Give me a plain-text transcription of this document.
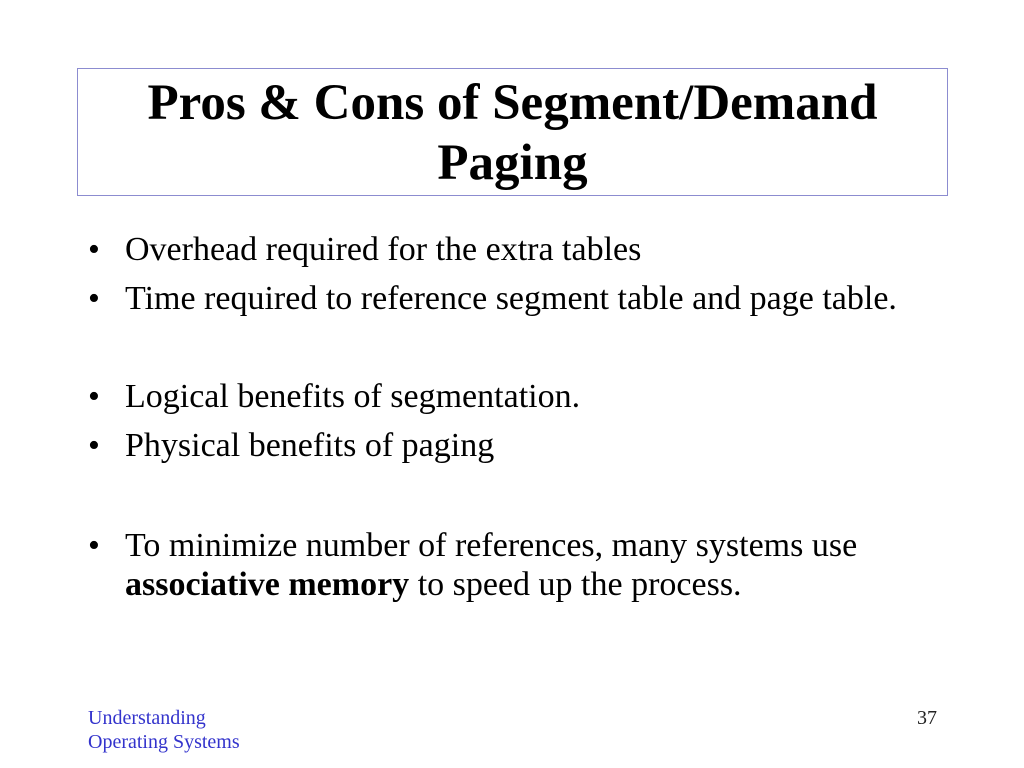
Pros & Cons of Segment/Demand Paging
• Overhead required for the extra tables
• Time required to reference segment table and page table.
• Logical benefits of segmentation.
• Physical benefits of paging
• To minimize number of references, many systems use associative memory to speed up the process.
Understanding Operating Systems
37
